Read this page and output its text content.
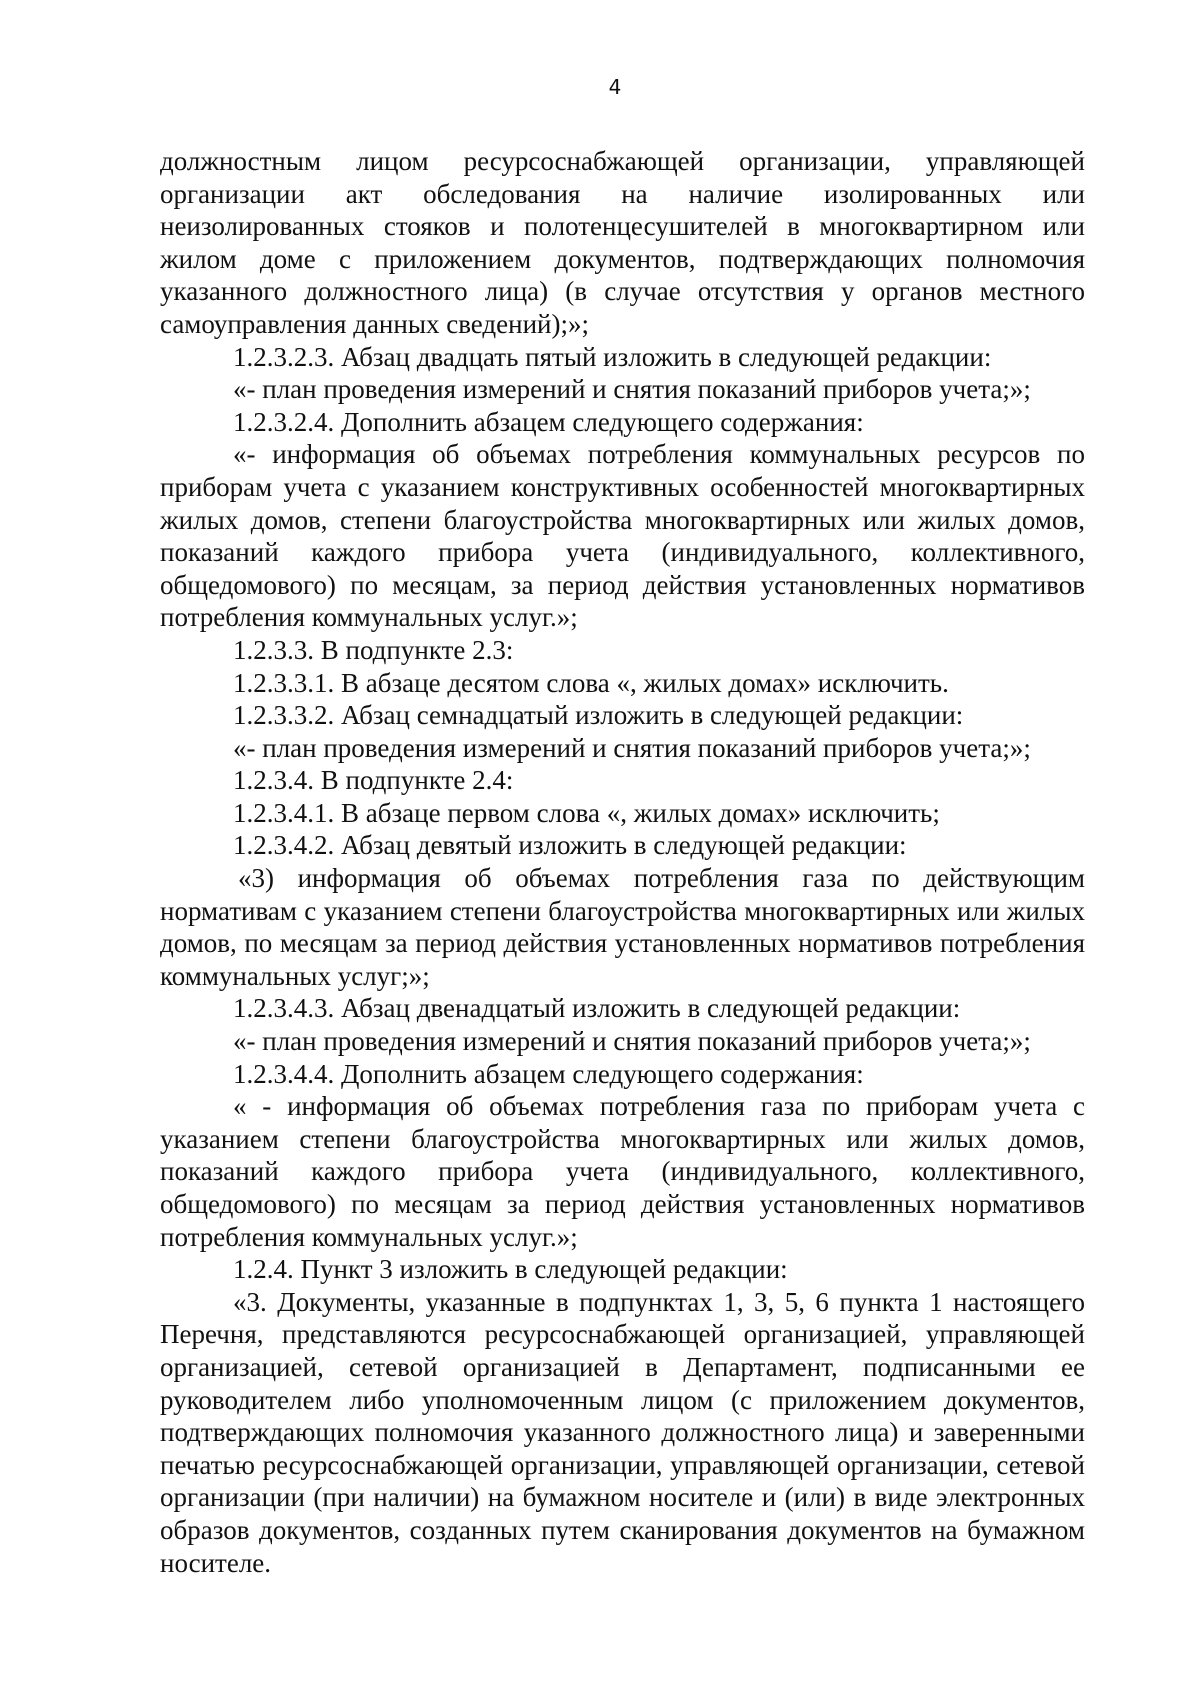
4

должностным лицом ресурсоснабжающей организации, управляющей организации акт обследования на наличие изолированных или неизолированных стояков и полотенцесушителей в многоквартирном или жилом доме с приложением документов, подтверждающих полномочия указанного должностного лица) (в случае отсутствия у органов местного самоуправления данных сведений);»;

1.2.3.2.3. Абзац двадцать пятый изложить в следующей редакции:

«- план проведения измерений и снятия показаний приборов учета;»;

1.2.3.2.4. Дополнить абзацем следующего содержания:

«- информация об объемах потребления коммунальных ресурсов по приборам учета с указанием конструктивных особенностей многоквартирных жилых домов, степени благоустройства многоквартирных или жилых домов, показаний каждого прибора учета (индивидуального, коллективного, общедомового) по месяцам, за период действия установленных нормативов потребления коммунальных услуг.»;

1.2.3.3. В подпункте 2.3:

1.2.3.3.1. В абзаце десятом слова «, жилых домах» исключить.

1.2.3.3.2. Абзац семнадцатый изложить в следующей редакции:

«- план проведения измерений и снятия показаний приборов учета;»;

1.2.3.4. В подпункте 2.4:

1.2.3.4.1. В абзаце первом слова «, жилых домах» исключить;

1.2.3.4.2. Абзац девятый изложить в следующей редакции:

«3) информация об объемах потребления газа по действующим нормативам с указанием степени благоустройства многоквартирных или жилых домов, по месяцам за период действия установленных нормативов потребления коммунальных услуг;»;

1.2.3.4.3. Абзац двенадцатый изложить в следующей редакции:

«- план проведения измерений и снятия показаний приборов учета;»;

1.2.3.4.4. Дополнить абзацем следующего содержания:

« - информация об объемах потребления газа по приборам учета с указанием степени благоустройства многоквартирных или жилых домов, показаний каждого прибора учета (индивидуального, коллективного, общедомового) по месяцам за период действия установленных нормативов потребления коммунальных услуг.»;

1.2.4. Пункт 3 изложить в следующей редакции:

«3. Документы, указанные в подпунктах 1, 3, 5, 6 пункта 1 настоящего Перечня, представляются ресурсоснабжающей организацией, управляющей организацией, сетевой организацией в Департамент, подписанными ее руководителем либо уполномоченным лицом (с приложением документов, подтверждающих полномочия указанного должностного лица) и заверенными печатью ресурсоснабжающей организации, управляющей организации, сетевой организации (при наличии) на бумажном носителе и (или) в виде электронных образов документов, созданных путем сканирования документов на бумажном носителе.
